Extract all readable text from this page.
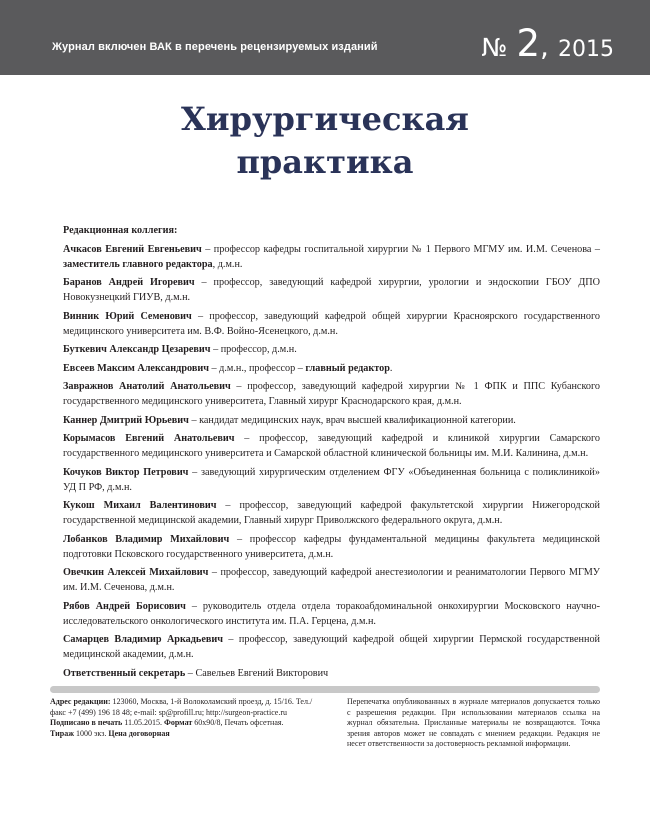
Журнал включен ВАК в перечень рецензируемых изданий	№ 2, 2015
Хирургическая
практика
Редакционная коллегия:
Ачкасов Евгений Евгеньевич – профессор кафедры госпитальной хирургии № 1 Первого МГМУ им. И.М. Сеченова – заместитель главного редактора, д.м.н.
Баранов Андрей Игоревич – профессор, заведующий кафедрой хирургии, урологии и эндоскопии ГБОУ ДПО Новокузнецкий ГИУВ, д.м.н.
Винник Юрий Семенович – профессор, заведующий кафедрой общей хирургии Красноярского государственного медицинского университета им. В.Ф. Войно-Ясенецкого, д.м.н.
Буткевич Александр Цезаревич – профессор, д.м.н.
Евсеев Максим Александрович – д.м.н., профессор – главный редактор.
Завражнов Анатолий Анатольевич – профессор, заведующий кафедрой хирургии № 1 ФПК и ППС Кубанского государственного медицинского университета, Главный хирург Краснодарского края, д.м.н.
Каннер Дмитрий Юрьевич – кандидат медицинских наук, врач высшей квалификационной категории.
Корымасов Евгений Анатольевич – профессор, заведующий кафедрой и клиникой хирургии Самарского государственного медицинского университета и Самарской областной клинической больницы им. М.И. Калинина, д.м.н.
Кочуков Виктор Петрович – заведующий хирургическим отделением ФГУ «Объединенная больница с поликлиникой» УД П РФ, д.м.н.
Кукош Михаил Валентинович – профессор, заведующий кафедрой факультетской хирургии Нижегородской государственной медицинской академии, Главный хирург Приволжского федерального округа, д.м.н.
Лобанков Владимир Михайлович – профессор кафедры фундаментальной медицины факультета медицинской подготовки Псковского государственного университета, д.м.н.
Овечкин Алексей Михайлович – профессор, заведующий кафедрой анестезиологии и реаниматологии Первого МГМУ им. И.М. Сеченова, д.м.н.
Рябов Андрей Борисович – руководитель отдела отдела торакоабдоминальной онкохирургии Московского научно-исследовательского онкологического института им. П.А. Герцена, д.м.н.
Самарцев Владимир Аркадьевич – профессор, заведующий кафедрой общей хирургии Пермской государственной медицинской академии, д.м.н.
Ответственный секретарь – Савельев Евгений Викторович
Адрес редакции: 123060, Москва, 1-й Волоколамский проезд, д. 15/16. Тел./факс +7 (499) 196 18 48; e-mail: sp@profill.ru; http://surgeon-practice.ru
Подписано в печать 11.05.2015. Формат 60x90/8, Печать офсетная.
Тираж 1000 экз. Цена договорная
Перепечатка опубликованных в журнале материалов допускается только с разрешения редакции. При использовании материалов ссылка на журнал обязательна. Присланные материалы не возвращаются. Точка зрения авторов может не совпадать с мнением редакции. Редакция не несет ответственности за достоверность рекламной информации.
